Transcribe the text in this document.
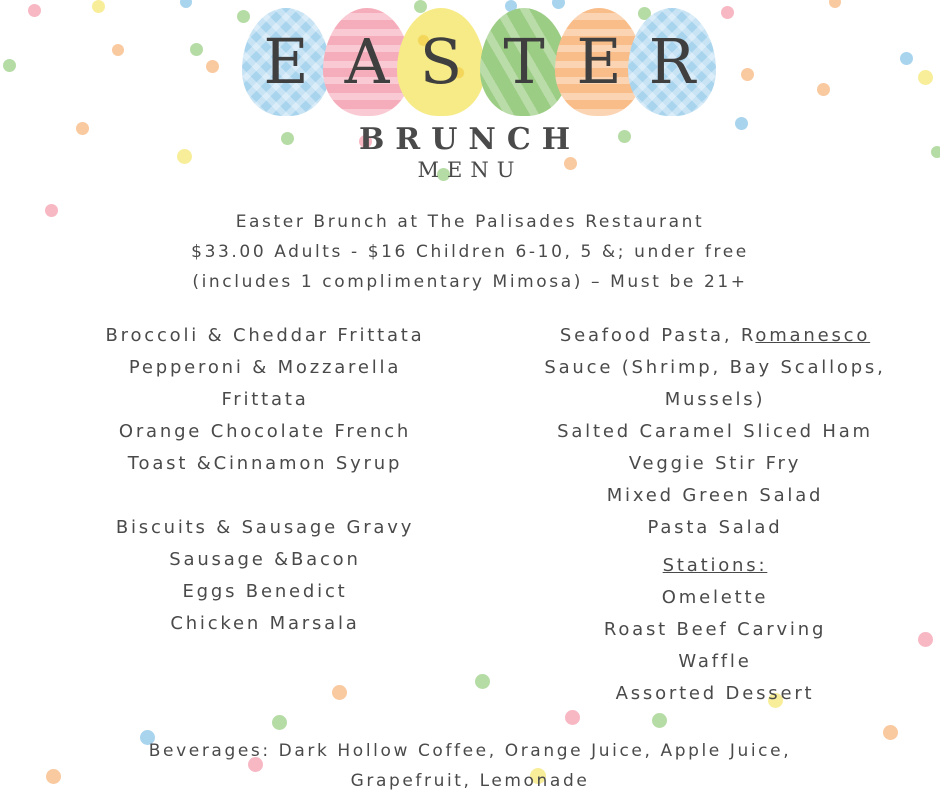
E A S T E R
BRUNCH
MENU
Easter Brunch at The Palisades Restaurant
$33.00 Adults - $16 Children 6-10, 5 &; under free
(includes 1 complimentary Mimosa) – Must be 21+
Broccoli & Cheddar Frittata
Pepperoni & Mozzarella
Frittata
Orange Chocolate French
Toast &Cinnamon Syrup
Biscuits & Sausage Gravy
Sausage &Bacon
Eggs Benedict
Chicken Marsala
Seafood Pasta, Romanesco
Sauce (Shrimp, Bay Scallops,
Mussels)
Salted Caramel Sliced Ham
Veggie Stir Fry
Mixed Green Salad
Pasta Salad
Stations:
Omelette
Roast Beef Carving
Waffle
Assorted Dessert
Beverages: Dark Hollow Coffee, Orange Juice, Apple Juice,
Grapefruit, Lemonade
